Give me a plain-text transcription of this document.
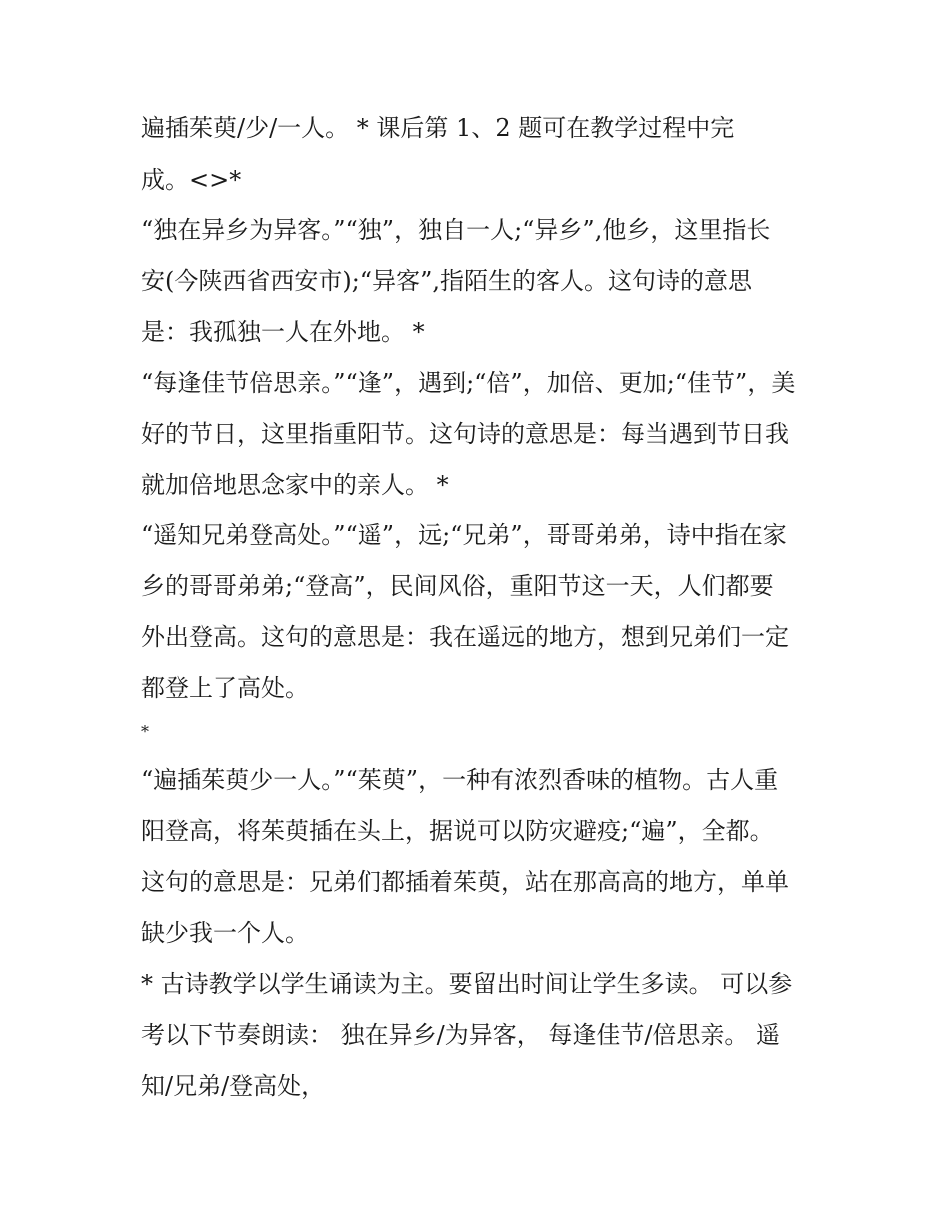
遍插茱萸/少/一人。 * 课后第 1、2 题可在教学过程中完
成。<>*
“独在异乡为异客。”“独”，独自一人;“异乡”,他乡，这里指长
安(今陕西省西安市);“异客”,指陌生的客人。这句诗的意思
是：我孤独一人在外地。 *
“每逢佳节倍思亲。”“逢”，遇到;“倍”，加倍、更加;“佳节”，美
好的节日，这里指重阳节。这句诗的意思是：每当遇到节日我
就加倍地思念家中的亲人。 *
“遥知兄弟登高处。”“遥”，远;“兄弟”，哥哥弟弟，诗中指在家
乡的哥哥弟弟;“登高”，民间风俗，重阳节这一天，人们都要
外出登高。这句的意思是：我在遥远的地方，想到兄弟们一定
都登上了高处。
*
“遍插茱萸少一人。”“茱萸”，一种有浓烈香味的植物。古人重
阳登高，将茱萸插在头上，据说可以防灾避疫;“遍”，全都。
这句的意思是：兄弟们都插着茱萸，站在那高高的地方，单单
缺少我一个人。
* 古诗教学以学生诵读为主。要留出时间让学生多读。 可以参
考以下节奏朗读： 独在异乡/为异客， 每逢佳节/倍思亲。 遥
知/兄弟/登高处，
